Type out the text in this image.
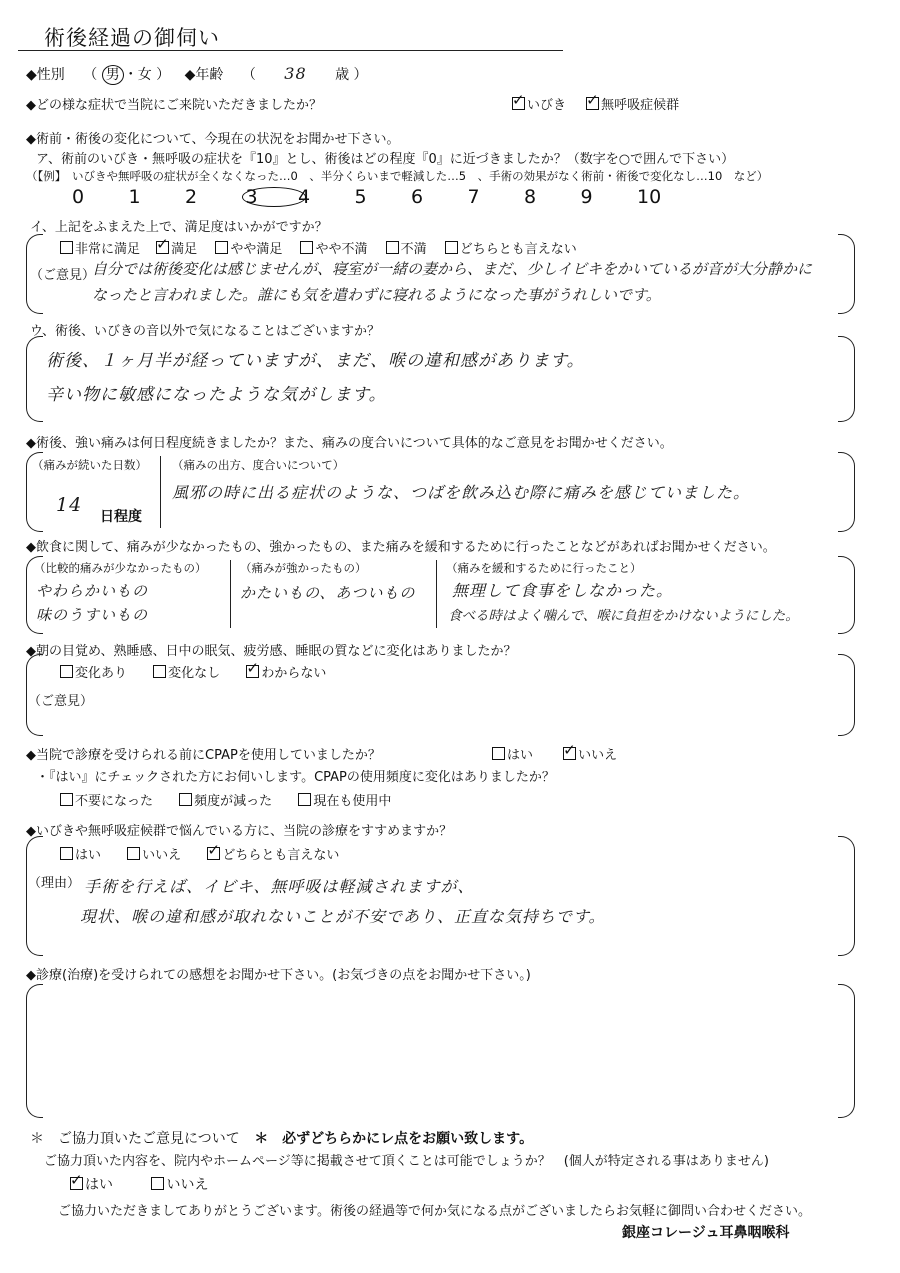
術後経過の御伺い
◆性別 （ 男 ・女 ） ◆年齢 （ 38 歳 ）
◆どの様な症状で当院にご来院いただきましたか？ ✓	いびき ✓	無呼吸症候群
◆術前・術後の変化について、今現在の状況をお聞かせ下さい。
ア、術前のいびき・無呼吸の症状を『10』とし、術後はどの程度『0』に近づきましたか？（数字を○で囲んで下さい）
（【例】　いびきや無呼吸の症状が全くなくなった…0　、半分くらいまで軽減した…5　、手術の効果がなく術前・術後で変化なし…10　など）
0 1 2	3 4 5 6 7 8 9 10
イ、上記をふまえた上で、満足度はいかがですか？
非常に満足 ✓ 満足	やや満足	やや不満	不満	どちらとも言えない
（ご意見）
自分では術後変化は感じませんが、寝室が一緒の妻から、まだ、少しイビキをかいているが音が大分静かに
なったと言われました。誰にも気を遣わずに寝れるようになった事がうれしいです。
ウ、術後、いびきの音以外で気になることはございますか？
術後、１ヶ月半が経っていますが、まだ、喉の違和感があります。
辛い物に敏感になったような気がします。
◆術後、強い痛みは何日程度続きましたか？また、痛みの度合いについて具体的なご意見をお聞かせください。
（痛みが続いた日数）
14
日程度
（痛みの出方、度合いについて）
風邪の時に出る症状のような、つばを飲み込む際に痛みを感じていました。
◆飲食に関して、痛みが少なかったもの、強かったもの、また痛みを緩和するために行ったことなどがあればお聞かせください。
（比較的痛みが少なかったもの）
やわらかいもの
味のうすいもの
（痛みが強かったもの）
かたいもの、あついもの
（痛みを緩和するために行ったこと）
無理して食事をしなかった。
食べる時はよく噛んで、喉に負担をかけないようにした。
◆朝の目覚め、熟睡感、日中の眠気、疲労感、睡眠の質などに変化はありましたか？
変化あり	変化なし ✓	わからない
（ご意見）
◆当院で診療を受けられる前にCPAPを使用していましたか？	はい ✓	いいえ
・『はい』にチェックされた方にお伺いします。CPAPの使用頻度に変化はありましたか？
不要になった	頻度が減った	現在も使用中
◆いびきや無呼吸症候群で悩んでいる方に、当院の診療をすすめますか？
はい	いいえ ✓	どちらとも言えない
（理由） 手術を行えば、イビキ、無呼吸は軽減されますが、
現状、喉の違和感が取れないことが不安であり、正直な気持ちです。
◆診療(治療)を受けられての感想をお聞かせ下さい。(お気づきの点をお聞かせ下さい。)
＊　ご協力頂いたご意見について ＊　必ずどちらかにレ点をお願い致します。
ご協力頂いた内容を、院内やホームページ等に掲載させて頂くことは可能でしょうか？　(個人が特定される事はありません)
✓はい	いいえ
ご協力いただきましてありがとうございます。術後の経過等で何か気になる点がございましたらお気軽に御問い合わせください。
銀座コレージュ耳鼻咽喉科
